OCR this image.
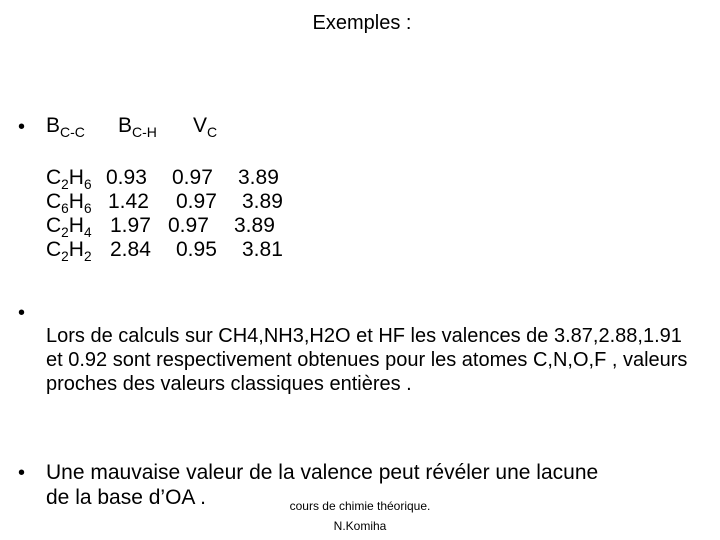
Exemples :
• $B_{C-C}$ $B_{C-H}$ $V_C$
$C_2H_6$ 0.93 0.97 3.89
$C_6H_6$ 1.42 0.97 3.89
$C_2H_4$ 1.97 0.97 3.89
$C_2H_2$ 2.84 0.95 3.81
•
Lors de calculs sur CH4,NH3,H2O et HF les valences de 3.87,2.88,1.91 et 0.92 sont respectivement obtenues pour les atomes C,N,O,F , valeurs proches des valeurs classiques entières .
• Une mauvaise valeur de la valence peut révéler une lacune
de la base d’OA .	cours de chimie théorique.
N.Komiha
